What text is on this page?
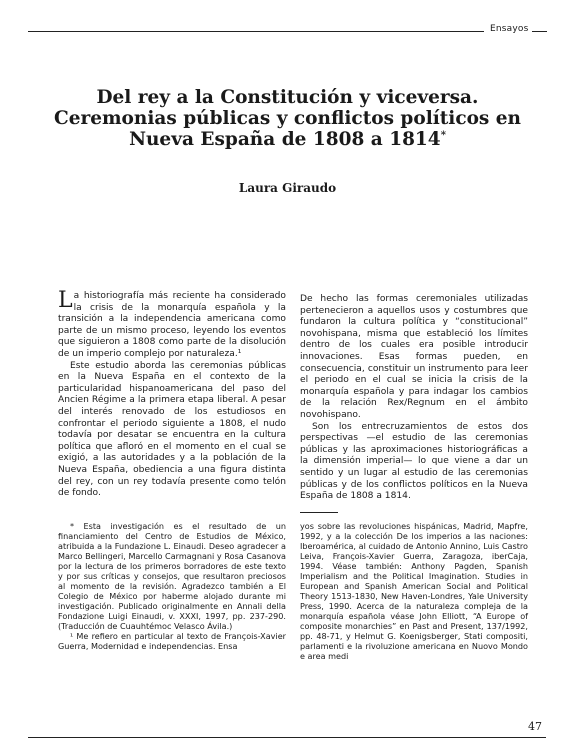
Ensayos
Del rey a la Constitución y viceversa.
Ceremonias públicas y conflictos políticos en
Nueva España de 1808 a 1814*
Laura Giraudo

La historiografía más reciente ha considerado la crisis de la monarquía española y la transición a la independencia americana como parte de un mismo proceso, leyendo los eventos que siguieron a 1808 como parte de la disolución de un imperio complejo por naturaleza.¹

Este estudio aborda las ceremonias públicas en la Nueva España en el contexto de la particularidad hispanoamericana del paso del Ancien Régime a la primera etapa liberal. A pesar del interés renovado de los estudiosos en confrontar el periodo siguiente a 1808, el nudo todavía por desatar se encuentra en la cultura política que afloró en el momento en el cual se exigió, a las autoridades y a la población de la Nueva España, obediencia a una figura distinta del rey, con un rey todavía presente como telón de fondo.

De hecho las formas ceremoniales utilizadas pertenecieron a aquellos usos y costumbres que fundaron la cultura política y “constitucional” novohispana, misma que estableció los límites dentro de los cuales era posible introducir innovaciones. Esas formas pueden, en consecuencia, constituir un instrumento para leer el periodo en el cual se inicia la crisis de la monarquía española y para indagar los cambios de la relación Rex/Regnum en el ámbito novohispano.

Son los entrecruzamientos de estos dos perspectivas —el estudio de las ceremonias públicas y las aproximaciones historiográficas a la dimensión imperial— lo que viene a dar un sentido y un lugar al estudio de las ceremonias públicas y de los conflictos políticos en la Nueva España de 1808 a 1814.

* Esta investigación es el resultado de un financiamiento del Centro de Estudios de México, atribuida a la Fundazione L. Einaudi. Deseo agradecer a Marco Bellingeri, Marcello Carmagnani y Rosa Casanova por la lectura de los primeros borradores de este texto y por sus críticas y consejos, que resultaron preciosos al momento de la revisión. Agradezco también a El Colegio de México por haberme alojado durante mi investigación. Publicado originalmente en Annali della Fondazione Luigi Einaudi, v. XXXI, 1997, pp. 237-290. (Traducción de Cuauhtémoc Velasco Ávila.)

¹ Me refiero en particular al texto de François-Xavier Guerra, Modernidad e independencias. Ensa

yos sobre las revoluciones hispánicas, Madrid, Mapfre, 1992, y a la colección De los imperios a las naciones: Iberoamérica, al cuidado de Antonio Annino, Luis Castro Leiva, François-Xavier Guerra, Zaragoza, iberCaja, 1994. Véase también: Anthony Pagden, Spanish Imperialism and the Political Imagination. Studies in European and Spanish American Social and Political Theory 1513-1830, New Haven-Londres, Yale University Press, 1990. Acerca de la naturaleza compleja de la monarquía española véase John Elliott, “A Europe of composite monarchies” en Past and Present, 137/1992, pp. 48-71, y Helmut G. Koenigsberger, Stati compositi, parlamenti e la rivoluzione americana en Nuovo Mondo e area medi

47
